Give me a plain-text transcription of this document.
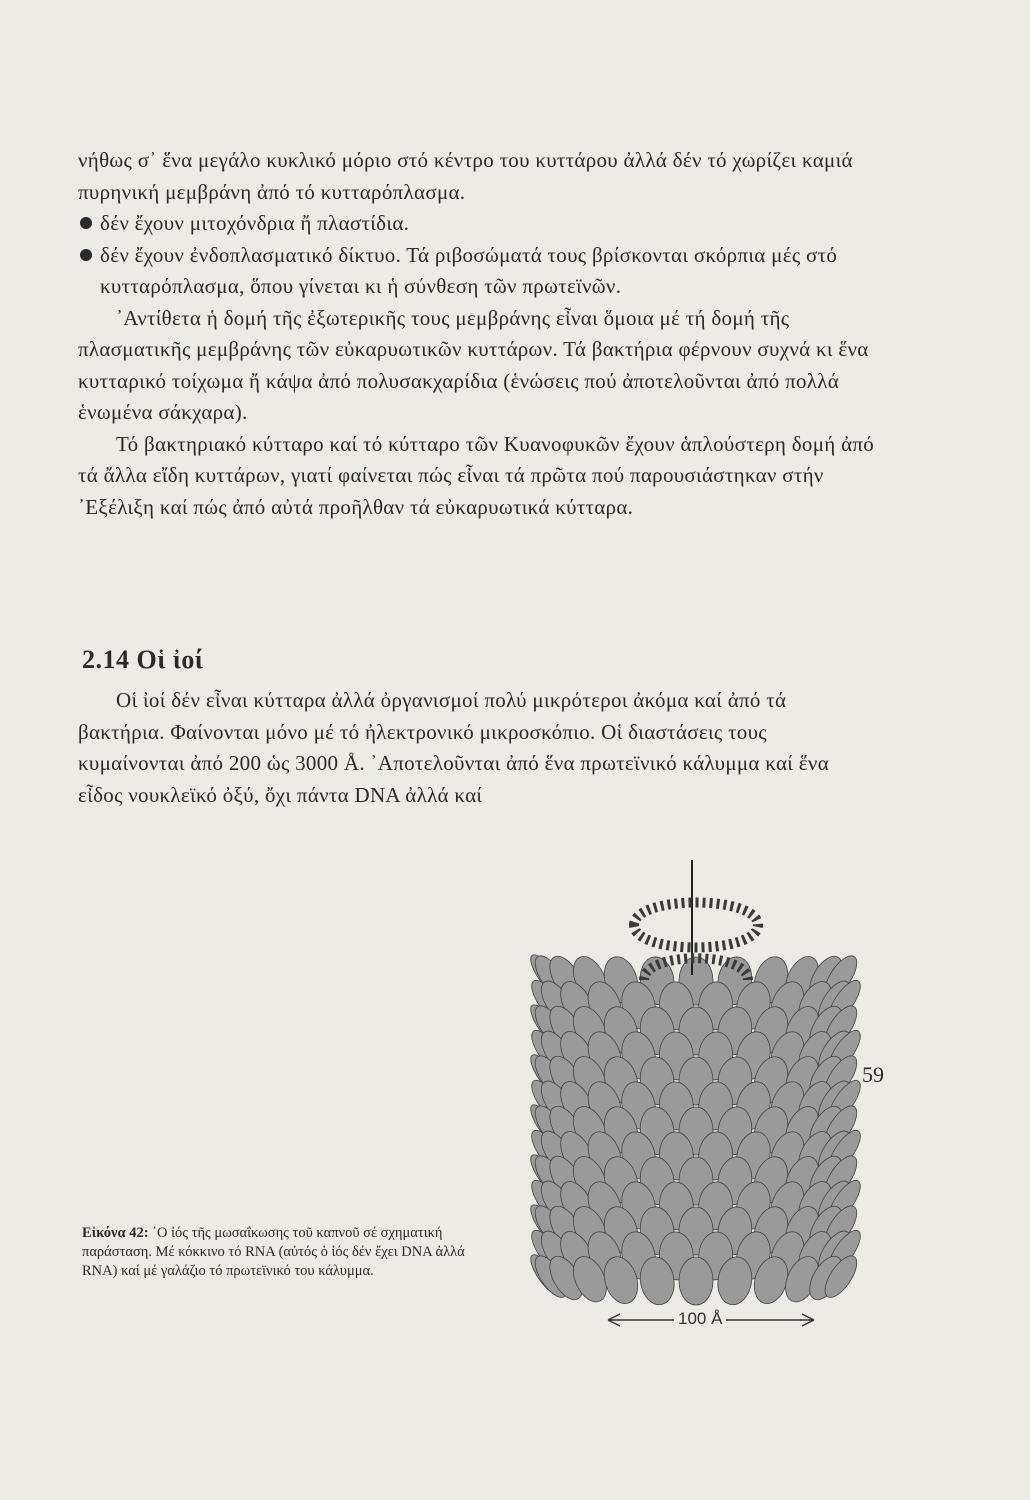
νήθως σ᾽ ἕνα μεγάλο κυκλικό μόριο στό κέντρο του κυττάρου ἀλλά δέν τό χωρίζει καμιά πυρηνική μεμβράνη ἀπό τό κυτταρόπλασμα.

δέν ἔχουν μιτοχόνδρια ἤ πλαστίδια.

δέν ἔχουν ἐνδοπλασματικό δίκτυο. Τά ριβοσώματά τους βρίσκονται σκόρπια μές στό κυτταρόπλασμα, ὅπου γίνεται κι ἡ σύνθεση τῶν πρωτεϊνῶν.

᾽Αντίθετα ἡ δομή τῆς ἐξωτερικῆς τους μεμβράνης εἶναι ὅμοια μέ τή δομή τῆς πλασματικῆς μεμβράνης τῶν εὐκαρυωτικῶν κυττάρων. Τά βακτήρια φέρνουν συχνά κι ἕνα κυτταρικό τοίχωμα ἤ κάψα ἀπό πολυσακχαρίδια (ἑνώσεις πού ἀποτελοῦνται ἀπό πολλά ἑνωμένα σάκχαρα).

Τό βακτηριακό κύτταρο καί τό κύτταρο τῶν Κυανοφυκῶν ἔχουν ἁπλούστερη δομή ἀπό τά ἄλλα εἴδη κυττάρων, γιατί φαίνεται πώς εἶναι τά πρῶτα πού παρουσιάστηκαν στήν ᾽Εξέλιξη καί πώς ἀπό αὐτά προῆλθαν τά εὐκαρυωτικά κύτταρα.

2.14 Οἱ ἰοί

Οἱ ἰοί δέν εἶναι κύτταρα ἀλλά ὀργανισμοί πολύ μικρότεροι ἀκόμα καί ἀπό τά βακτήρια. Φαίνονται μόνο μέ τό ἠλεκτρονικό μικροσκόπιο. Οἱ διαστάσεις τους κυμαίνονται ἀπό 200 ὡς 3000 Å. ᾽Αποτελοῦνται ἀπό ἕνα πρωτεϊνικό κάλυμμα καί ἕνα εἶδος νουκλεϊκό ὀξύ, ὄχι πάντα DNA ἀλλά καί

Εἰκόνα 42: ῾Ο ἰός τῆς μωσαΐκωσης τοῦ καπνοῦ σέ σχηματική παράσταση. Μέ κόκκινο τό RNA (αὐτός ὁ ἰός δέν ἔχει DNA ἀλλά RNA) καί μέ γαλάζιο τό πρωτεϊνικό του κάλυμμα.
100 Å
59
